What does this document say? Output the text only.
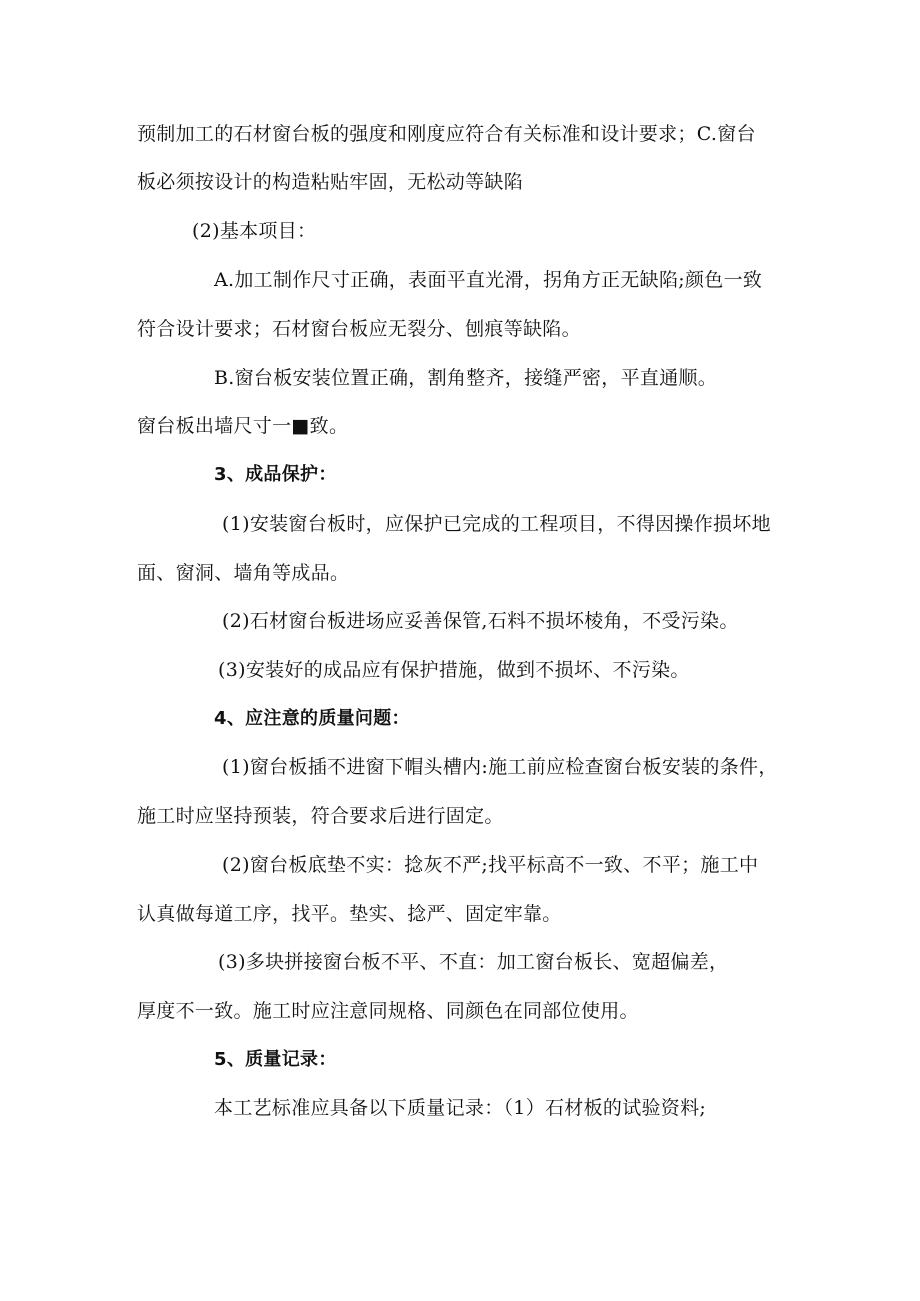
预制加工的石材窗台板的强度和刚度应符合有关标准和设计要求；C.窗台
板必须按设计的构造粘贴牢固，无松动等缺陷
(2)基本项目：
A.加工制作尺寸正确，表面平直光滑，拐角方正无缺陷;颜色一致
符合设计要求；石材窗台板应无裂分、刨痕等缺陷。
B.窗台板安装位置正确，割角整齐，接缝严密，平直通顺。
窗台板出墙尺寸一■致。
3、成品保护：
(1)安装窗台板时，应保护已完成的工程项目，不得因操作损坏地
面、窗洞、墙角等成品。
(2)石材窗台板进场应妥善保管,石料不损坏棱角，不受污染。
(3)安装好的成品应有保护措施，做到不损坏、不污染。
4、应注意的质量问题：
(1)窗台板插不进窗下帽头槽内:施工前应检查窗台板安装的条件，
施工时应坚持预装，符合要求后进行固定。
(2)窗台板底垫不实：捻灰不严;找平标高不一致、不平；施工中
认真做每道工序，找平。垫实、捻严、固定牢靠。
(3)多块拼接窗台板不平、不直：加工窗台板长、宽超偏差，
厚度不一致。施工时应注意同规格、同颜色在同部位使用。
5、质量记录：
本工艺标准应具备以下质量记录：（1）石材板的试验资料;
